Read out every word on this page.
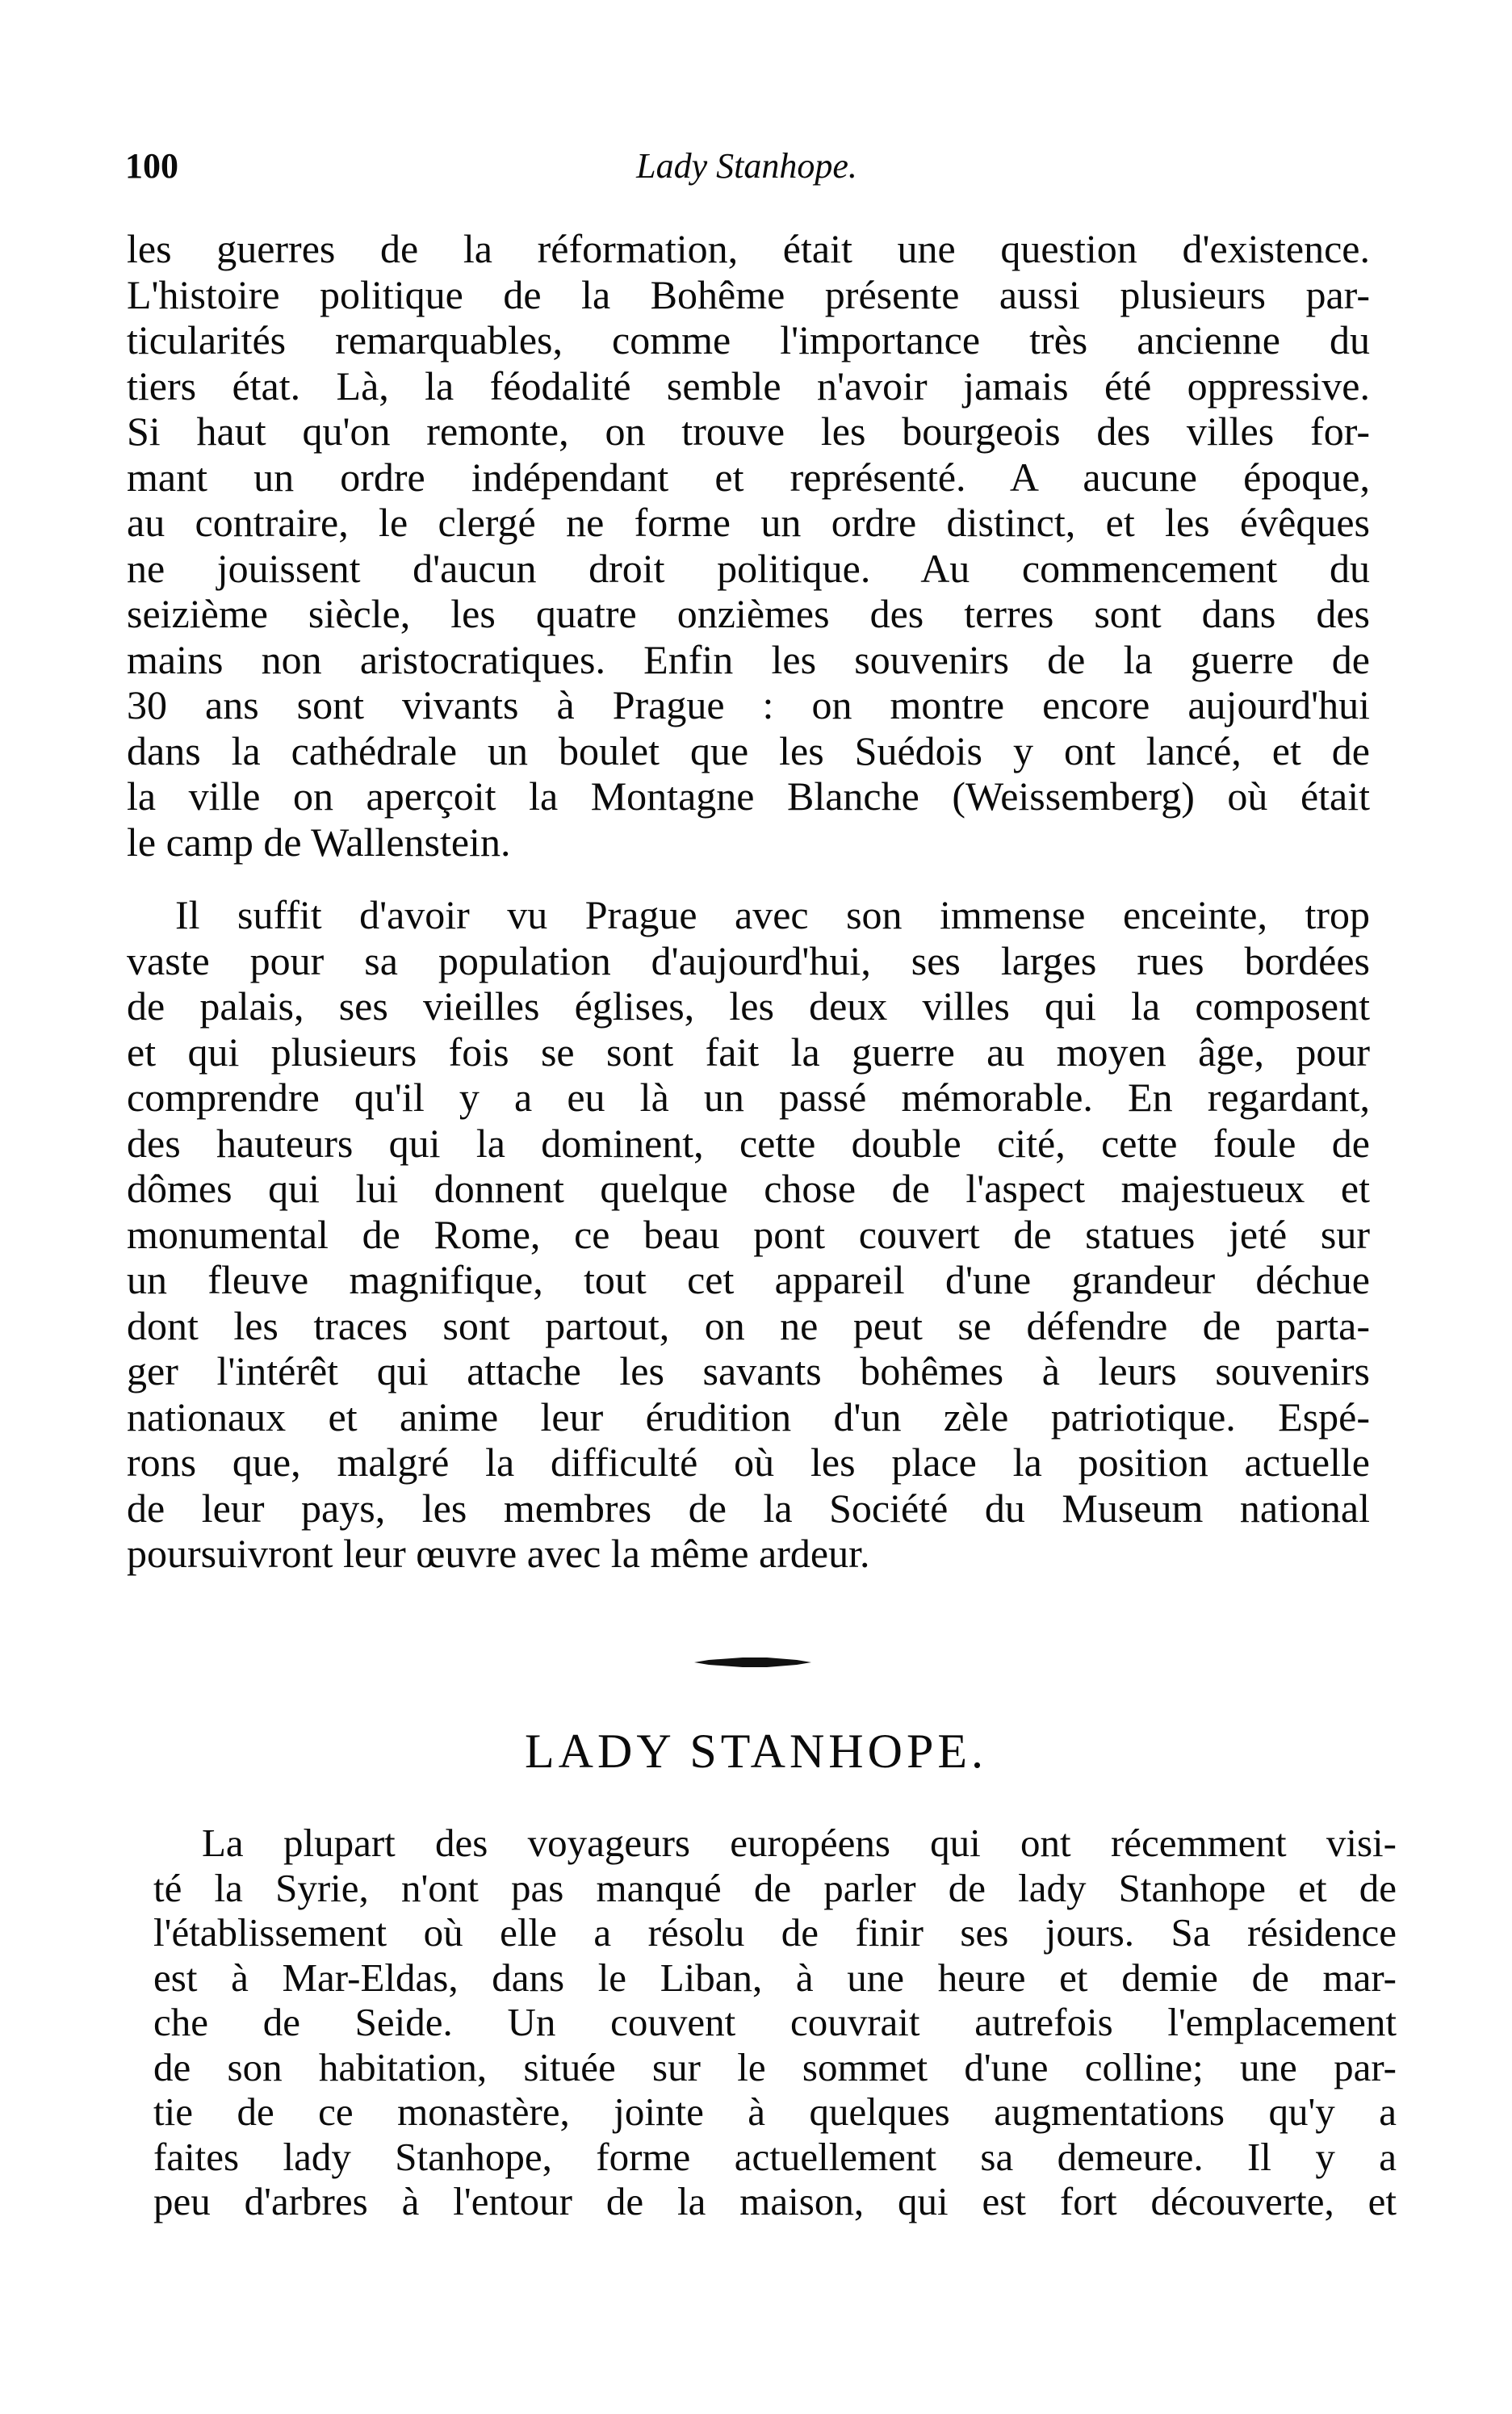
100	Lady Stanhope.
les guerres de la réformation, était une question d'existence.
L'histoire politique de la Bohême présente aussi plusieurs par-
ticularités remarquables, comme l'importance très ancienne du
tiers état. Là, la féodalité semble n'avoir jamais été oppressive.
Si haut qu'on remonte, on trouve les bourgeois des villes for-
mant un ordre indépendant et représenté. A aucune époque,
au contraire, le clergé ne forme un ordre distinct, et les évêques
ne jouissent d'aucun droit politique. Au commencement du
seizième siècle, les quatre onzièmes des terres sont dans des
mains non aristocratiques. Enfin les souvenirs de la guerre de
30 ans sont vivants à Prague : on montre encore aujourd'hui
dans la cathédrale un boulet que les Suédois y ont lancé, et de
la ville on aperçoit la Montagne Blanche (Weissemberg) où était
le camp de Wallenstein.
Il suffit d'avoir vu Prague avec son immense enceinte, trop
vaste pour sa population d'aujourd'hui, ses larges rues bordées
de palais, ses vieilles églises, les deux villes qui la composent
et qui plusieurs fois se sont fait la guerre au moyen âge, pour
comprendre qu'il y a eu là un passé mémorable. En regardant,
des hauteurs qui la dominent, cette double cité, cette foule de
dômes qui lui donnent quelque chose de l'aspect majestueux et
monumental de Rome, ce beau pont couvert de statues jeté sur
un fleuve magnifique, tout cet appareil d'une grandeur déchue
dont les traces sont partout, on ne peut se défendre de parta-
ger l'intérêt qui attache les savants bohêmes à leurs souvenirs
nationaux et anime leur érudition d'un zèle patriotique. Espé-
rons que, malgré la difficulté où les place la position actuelle
de leur pays, les membres de la Société du Museum national
poursuivront leur œuvre avec la même ardeur.
LADY STANHOPE.
La plupart des voyageurs européens qui ont récemment visi-
té la Syrie, n'ont pas manqué de parler de lady Stanhope et de
l'établissement où elle a résolu de finir ses jours. Sa résidence
est à Mar-Eldas, dans le Liban, à une heure et demie de mar-
che de Seide. Un couvent couvrait autrefois l'emplacement
de son habitation, située sur le sommet d'une colline; une par-
tie de ce monastère, jointe à quelques augmentations qu'y a
faites lady Stanhope, forme actuellement sa demeure. Il y a
peu d'arbres à l'entour de la maison, qui est fort découverte, et
